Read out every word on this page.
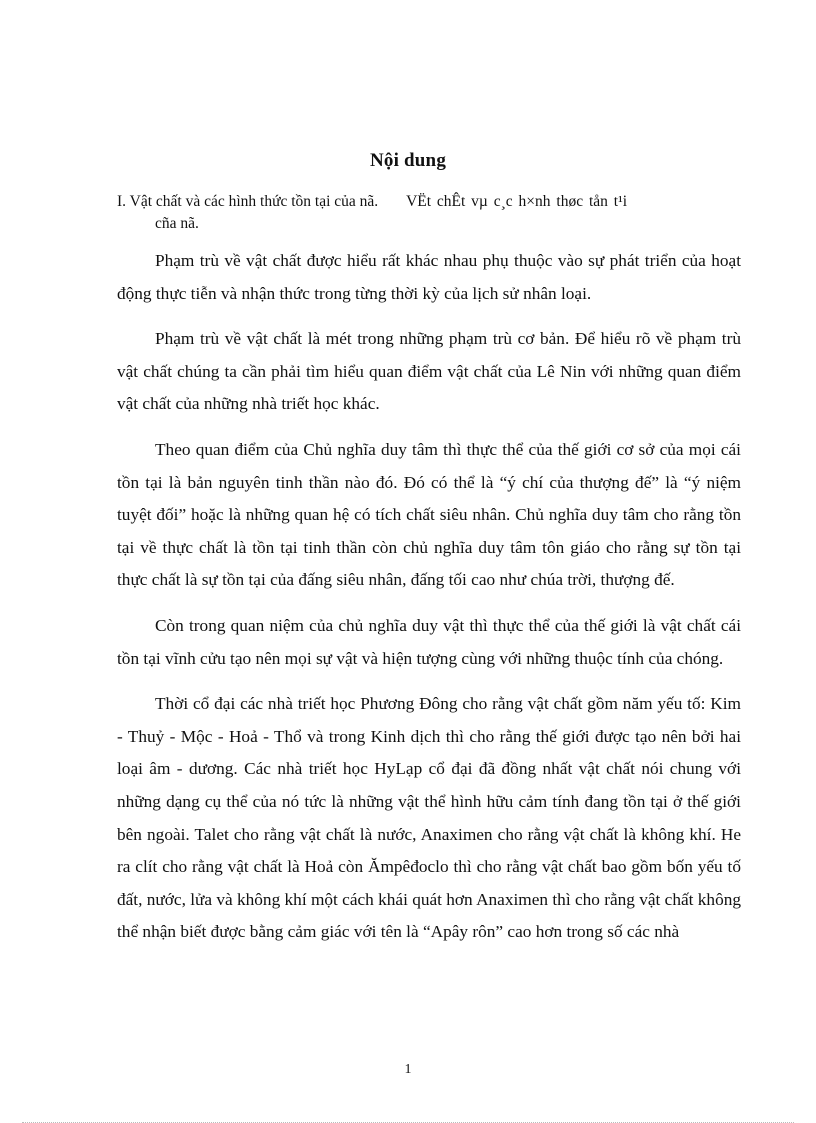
Nội dung
I. Vật chất và các hình thức tồn tại của nã. VËt chÊt vµ c¸c h×nh thøc tån t¹i
cña nã.

Phạm trù về vật chất được hiểu rất khác nhau phụ thuộc vào sự phát triển của hoạt động thực tiễn và nhận thức trong từng thời kỳ của lịch sử nhân loại.

Phạm trù về vật chất là mét trong những phạm trù cơ bản. Để hiểu rõ về phạm trù vật chất chúng ta cần phải tìm hiểu quan điểm vật chất của Lê Nin với những quan điểm vật chất của những nhà triết học khác.

Theo quan điểm của Chủ nghĩa duy tâm thì thực thể của thế giới cơ sở của mọi cái tồn tại là bản nguyên tinh thần nào đó. Đó có thể là “ý chí của thượng đế” là “ý niệm tuyệt đối” hoặc là những quan hệ có tích chất siêu nhân. Chủ nghĩa duy tâm cho rằng tồn tại về thực chất là tồn tại tinh thần còn chủ nghĩa duy tâm tôn giáo cho rằng sự tồn tại thực chất là sự tồn tại của đấng siêu nhân, đấng tối cao như chúa trời, thượng đế.

Còn trong quan niệm của chủ nghĩa duy vật thì thực thể của thế giới là vật chất cái tồn tại vĩnh cửu tạo nên mọi sự vật và hiện tượng cùng với những thuộc tính của chóng.

Thời cổ đại các nhà triết học Phương Đông cho rằng vật chất gồm năm yếu tố: Kim - Thuỷ - Mộc - Hoả - Thổ và trong Kinh dịch thì cho rằng thế giới được tạo nên bởi hai loại âm - dương. Các nhà triết học HyLạp cổ đại đã đồng nhất vật chất nói chung với những dạng cụ thể của nó tức là những vật thể hình hữu cảm tính đang tồn tại ở thế giới bên ngoài. Talet cho rằng vật chất là nước, Anaximen cho rằng vật chất là không khí. He ra clít cho rằng vật chất là Hoả còn Ămpêđoclo thì cho rằng vật chất bao gồm bốn yếu tố đất, nước, lửa và không khí một cách khái quát hơn Anaximen thì cho rằng vật chất không thể nhận biết được bằng cảm giác với tên là “Apây rôn” cao hơn trong số các nhà

1
